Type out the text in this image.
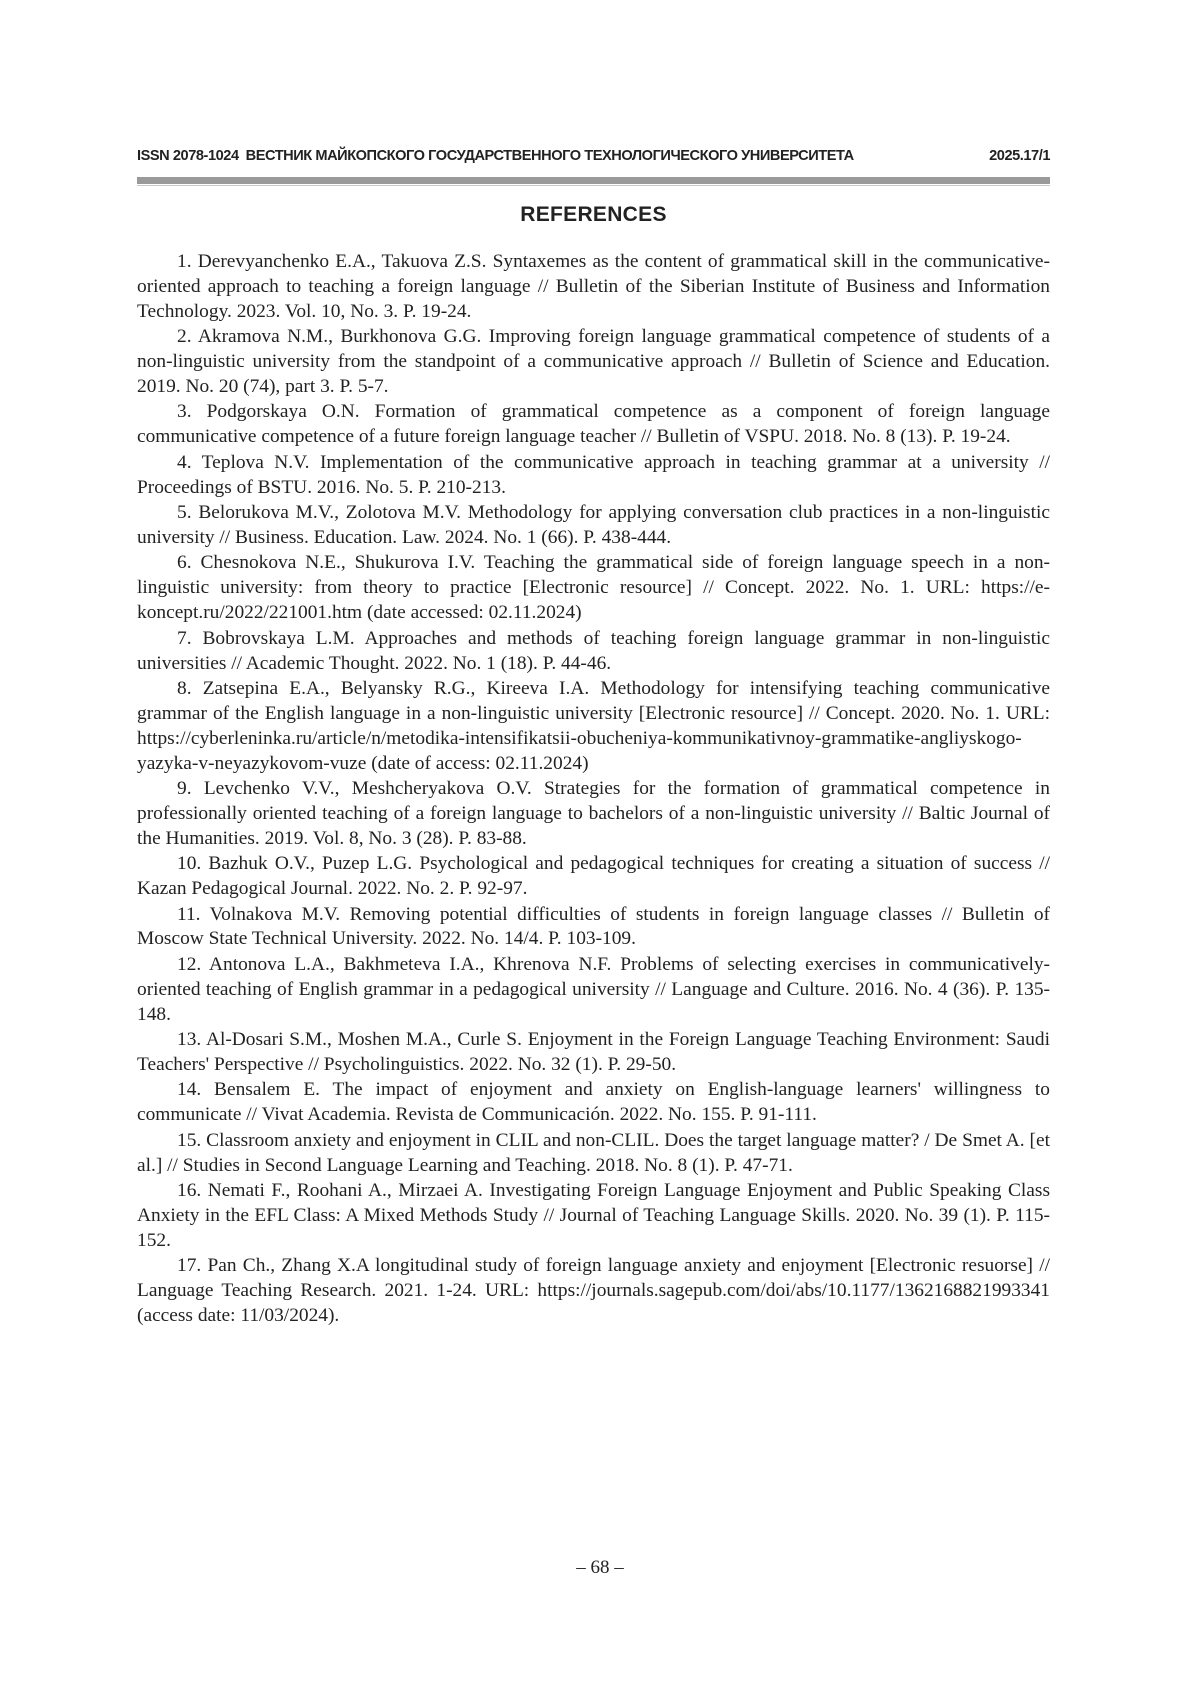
ISSN 2078-1024 ВЕСТНИК МАЙКОПСКОГО ГОСУДАРСТВЕННОГО ТЕХНОЛОГИЧЕСКОГО УНИВЕРСИТЕТА	2025.17/1
REFERENCES

1. Derevyanchenko E.A., Takuova Z.S. Syntaxemes as the content of grammatical skill in the communicative-oriented approach to teaching a foreign language // Bulletin of the Siberian Institute of Business and Information Technology. 2023. Vol. 10, No. 3. P. 19-24.

2. Akramova N.M., Burkhonova G.G. Improving foreign language grammatical competence of students of a non-linguistic university from the standpoint of a communicative approach // Bulletin of Science and Education. 2019. No. 20 (74), part 3. P. 5-7.

3. Podgorskaya O.N. Formation of grammatical competence as a component of foreign language communicative competence of a future foreign language teacher // Bulletin of VSPU. 2018. No. 8 (13). P. 19-24.

4. Teplova N.V. Implementation of the communicative approach in teaching grammar at a university // Proceedings of BSTU. 2016. No. 5. P. 210-213.

5. Belorukova M.V., Zolotova M.V. Methodology for applying conversation club practices in a non-linguistic university // Business. Education. Law. 2024. No. 1 (66). P. 438-444.

6. Chesnokova N.E., Shukurova I.V. Teaching the grammatical side of foreign language speech in a non-linguistic university: from theory to practice [Electronic resource] // Concept. 2022. No. 1. URL: https://e-koncept.ru/2022/221001.htm (date accessed: 02.11.2024)

7. Bobrovskaya L.M. Approaches and methods of teaching foreign language grammar in non-linguistic universities // Academic Thought. 2022. No. 1 (18). P. 44-46.

8. Zatsepina E.A., Belyansky R.G., Kireeva I.A. Methodology for intensifying teaching communicative grammar of the English language in a non-linguistic university [Electronic resource] // Concept. 2020. No. 1. URL: https://cyberleninka.ru/article/n/metodika-intensifikatsii-obucheniya-kommunikativnoy-grammatike-angliyskogo-yazyka-v-neyazykovom-vuze (date of access: 02.11.2024)

9. Levchenko V.V., Meshcheryakova O.V. Strategies for the formation of grammatical competence in professionally oriented teaching of a foreign language to bachelors of a non-linguistic university // Baltic Journal of the Humanities. 2019. Vol. 8, No. 3 (28). P. 83-88.

10. Bazhuk O.V., Puzep L.G. Psychological and pedagogical techniques for creating a situation of success // Kazan Pedagogical Journal. 2022. No. 2. P. 92-97.

11. Volnakova M.V. Removing potential difficulties of students in foreign language classes // Bulletin of Moscow State Technical University. 2022. No. 14/4. P. 103-109.

12. Antonova L.A., Bakhmeteva I.A., Khrenova N.F. Problems of selecting exercises in communicatively-oriented teaching of English grammar in a pedagogical university // Language and Culture. 2016. No. 4 (36). P. 135-148.

13. Al-Dosari S.M., Moshen M.A., Curle S. Enjoyment in the Foreign Language Teaching Environment: Saudi Teachers' Perspective // Psycholinguistics. 2022. No. 32 (1). P. 29-50.

14. Bensalem E. The impact of enjoyment and anxiety on English-language learners' willingness to communicate // Vivat Academia. Revista de Communicación. 2022. No. 155. P. 91-111.

15. Classroom anxiety and enjoyment in CLIL and non-CLIL. Does the target language matter? / De Smet A. [et al.] // Studies in Second Language Learning and Teaching. 2018. No. 8 (1). P. 47-71.

16. Nemati F., Roohani A., Mirzaei A. Investigating Foreign Language Enjoyment and Public Speaking Class Anxiety in the EFL Class: A Mixed Methods Study // Journal of Teaching Language Skills. 2020. No. 39 (1). P. 115-152.

17. Pan Ch., Zhang X.A longitudinal study of foreign language anxiety and enjoyment [Electronic resuorse] // Language Teaching Research. 2021. 1-24. URL: https://journals.sagepub.com/doi/abs/10.1177/1362168821993341 (access date: 11/03/2024).

– 68 –
